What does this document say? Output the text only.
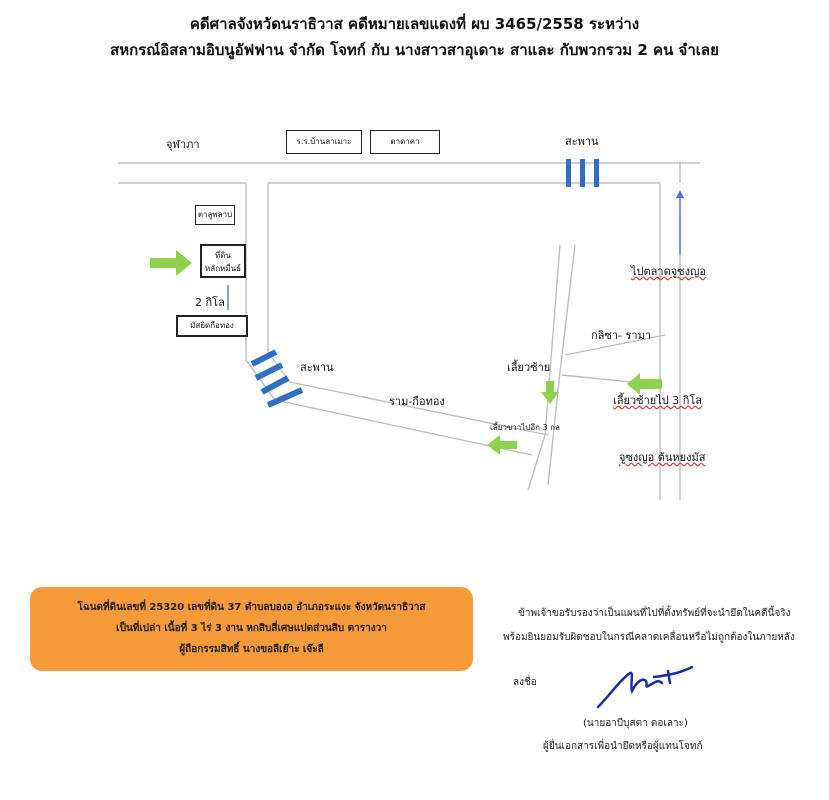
คดีศาลจังหวัดนราธิวาส คดีหมายเลขแดงที่ ผบ 3465/2558 ระหว่าง
สหกรณ์อิสลามอิบนูอัฟฟาน จำกัด โจทก์ กับ นางสาวสาอุเดาะ สาและ กับพวกรวม 2 คน จำเลย
จุฬาภา	ร.ร.บ้านลาเมาะ	ตาดาคา	สะพาน
ตาลูพลาบ
ที่ดิน
หลักหมื่นธ์
2 กิโล
มัสยิดกือทอง
สะพาน
ราม-กือทอง
เลี้ยวซ้าย
เลี้ยวขวาไปอีก 3 กล
ไปตลาดจูซงญอ
กลิซา- รามา
เลี้ยวซ้ายไป 3 กิโล
จูซงญอ ต้นหยงมัส
โฉนดที่ดินเลขที่ 25320 เลขที่ดิน 37 ตำบลบองอ อำเภอระแงะ จังหวัดนราธิวาส
เป็นที่เปล่า เนื้อที่ 3 ไร่ 3 งาน หกสิบสี่เศษแปดส่วนสิบ ตารางวา
ผู้ถือกรรมสิทธิ์ นางขอลีเย๊าะ เจ๊ะลี
ข้าพเจ้าขอรับรองว่าเป็นแผนที่ไปที่ตั้งทรัพย์ที่จะนำยึดในคดีนี้จริง
พร้อมยินยอมรับผิดชอบในกรณีคลาดเคลื่อนหรือไม่ถูกต้องในภายหลัง
ลงชื่อ
(นายอาบีบุสตา ดอเลาะ)
ผู้ยื่นเอกสารเพื่อนำยึดหรือผู้แทนโจทก์
